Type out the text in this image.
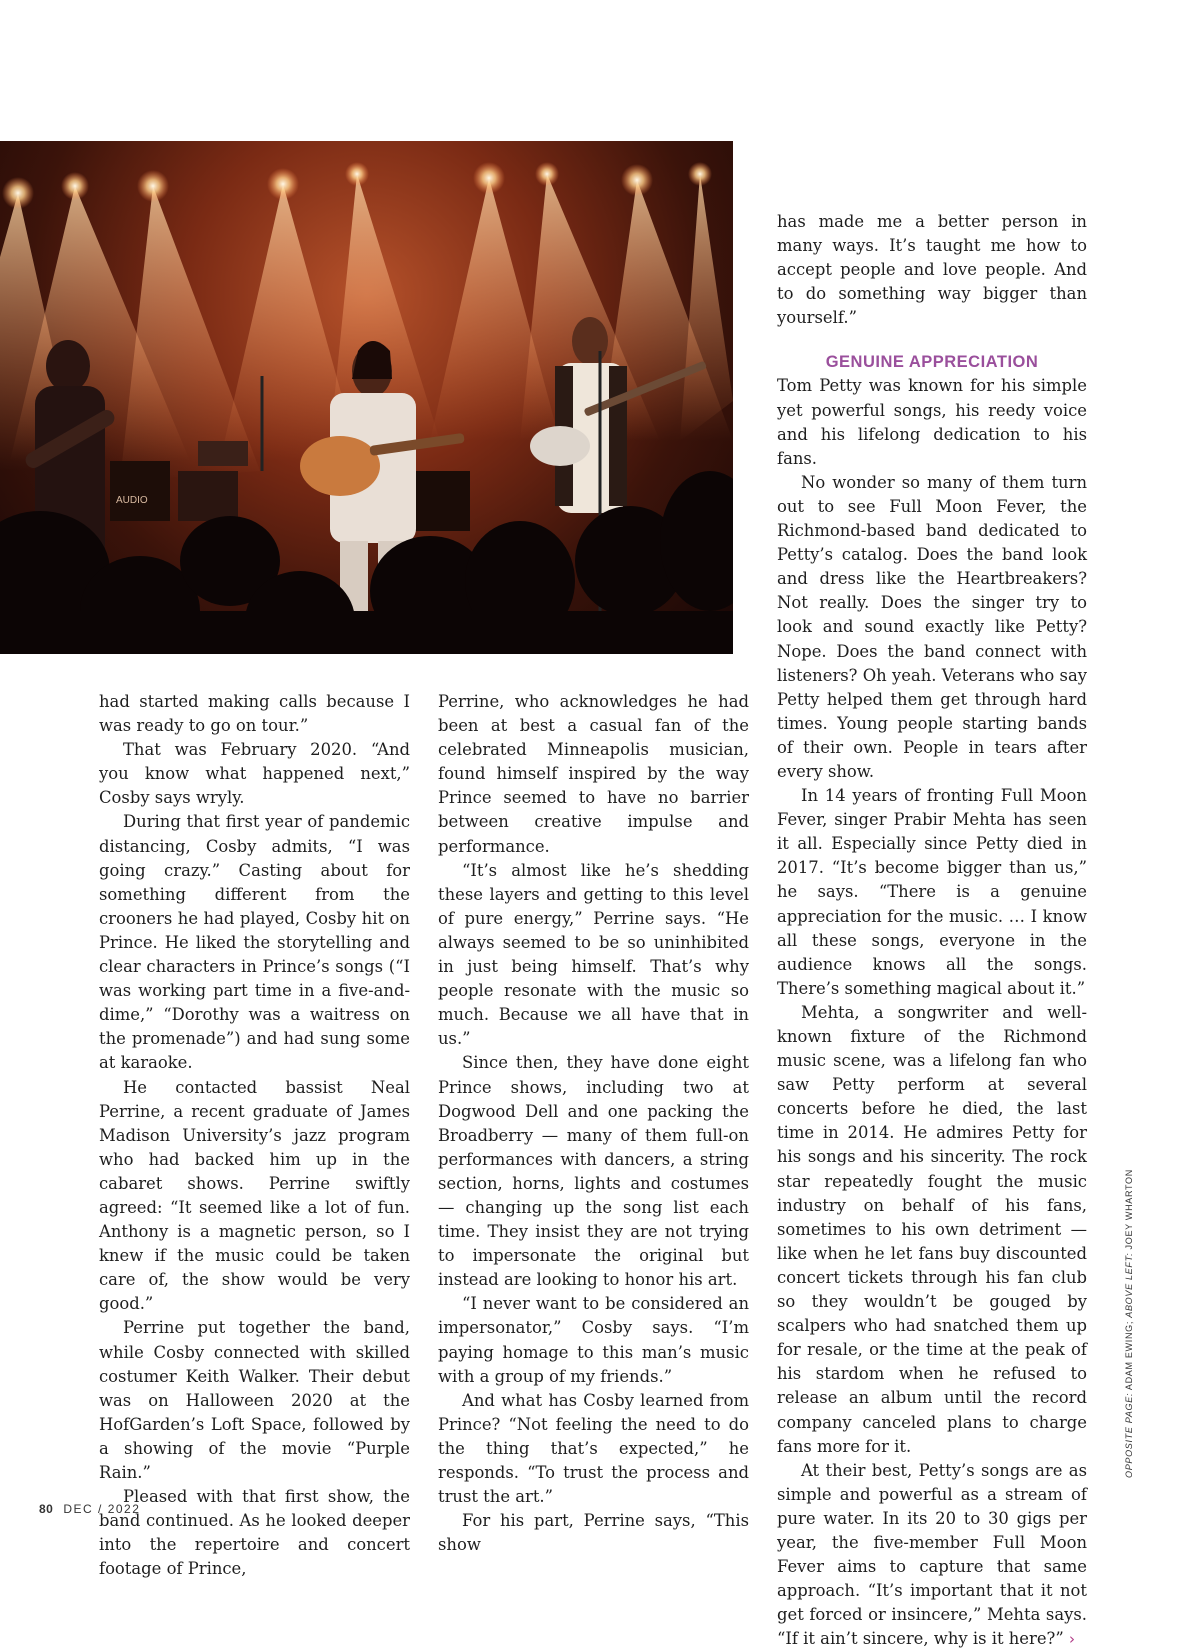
AUDIO

had started making calls because I was ready to go on tour.”

That was February 2020. “And you know what happened next,” Cosby says wryly.

During that first year of pandemic distancing, Cosby admits, “I was going crazy.” Casting about for something different from the crooners he had played, Cosby hit on Prince. He liked the storytelling and clear characters in Prince’s songs (“I was working part time in a five-and-dime,” “Dorothy was a waitress on the promenade”) and had sung some at karaoke.

He contacted bassist Neal Perrine, a recent graduate of James Madison University’s jazz program who had backed him up in the cabaret shows. Perrine swiftly agreed: “It seemed like a lot of fun. Anthony is a magnetic person, so I knew if the music could be taken care of, the show would be very good.”

Perrine put together the band, while Cosby connected with skilled costumer Keith Walker. Their debut was on Halloween 2020 at the HofGarden’s Loft Space, followed by a showing of the movie “Purple Rain.”

Pleased with that first show, the band continued. As he looked deeper into the repertoire and concert footage of Prince,

Perrine, who acknowledges he had been at best a casual fan of the celebrated Minneapolis musician, found himself inspired by the way Prince seemed to have no barrier between creative impulse and performance.

“It’s almost like he’s shedding these layers and getting to this level of pure energy,” Perrine says. “He always seemed to be so uninhibited in just being himself. That’s why people resonate with the music so much. Because we all have that in us.”

Since then, they have done eight Prince shows, including two at Dogwood Dell and one packing the Broadberry — many of them full-on performances with dancers, a string section, horns, lights and costumes — changing up the song list each time. They insist they are not trying to impersonate the original but instead are looking to honor his art.

“I never want to be considered an impersonator,” Cosby says. “I’m paying homage to this man’s music with a group of my friends.”

And what has Cosby learned from Prince? “Not feeling the need to do the thing that’s expected,” he responds. “To trust the process and trust the art.”

For his part, Perrine says, “This show

has made me a better person in many ways. It’s taught me how to accept people and love people. And to do something way bigger than yourself.”

GENUINE APPRECIATION

Tom Petty was known for his simple yet powerful songs, his reedy voice and his lifelong dedication to his fans.

No wonder so many of them turn out to see Full Moon Fever, the Richmond-based band dedicated to Petty’s catalog. Does the band look and dress like the Heartbreakers? Not really. Does the singer try to look and sound exactly like Petty? Nope. Does the band connect with listeners? Oh yeah. Veterans who say Petty helped them get through hard times. Young people starting bands of their own. People in tears after every show.

In 14 years of fronting Full Moon Fever, singer Prabir Mehta has seen it all. Especially since Petty died in 2017. “It’s become bigger than us,” he says. “There is a genuine appreciation for the music. … I know all these songs, everyone in the audience knows all the songs. There’s something magical about it.”

Mehta, a songwriter and well-known fixture of the Richmond music scene, was a lifelong fan who saw Petty perform at several concerts before he died, the last time in 2014. He admires Petty for his songs and his sincerity. The rock star repeatedly fought the music industry on behalf of his fans, sometimes to his own detriment — like when he let fans buy discounted concert tickets through his fan club so they wouldn’t be gouged by scalpers who had snatched them up for resale, or the time at the peak of his stardom when he refused to release an album until the record company canceled plans to charge fans more for it.

At their best, Petty’s songs are as simple and powerful as a stream of pure water. In its 20 to 30 gigs per year, the five-member Full Moon Fever aims to capture that same approach. “It’s important that it not get forced or insincere,” Mehta says. “If it ain’t sincere, why is it here?” ›

OPPOSITE PAGE: ADAM EWING; ABOVE LEFT: JOEY WHARTON
80 DEC / 2022
